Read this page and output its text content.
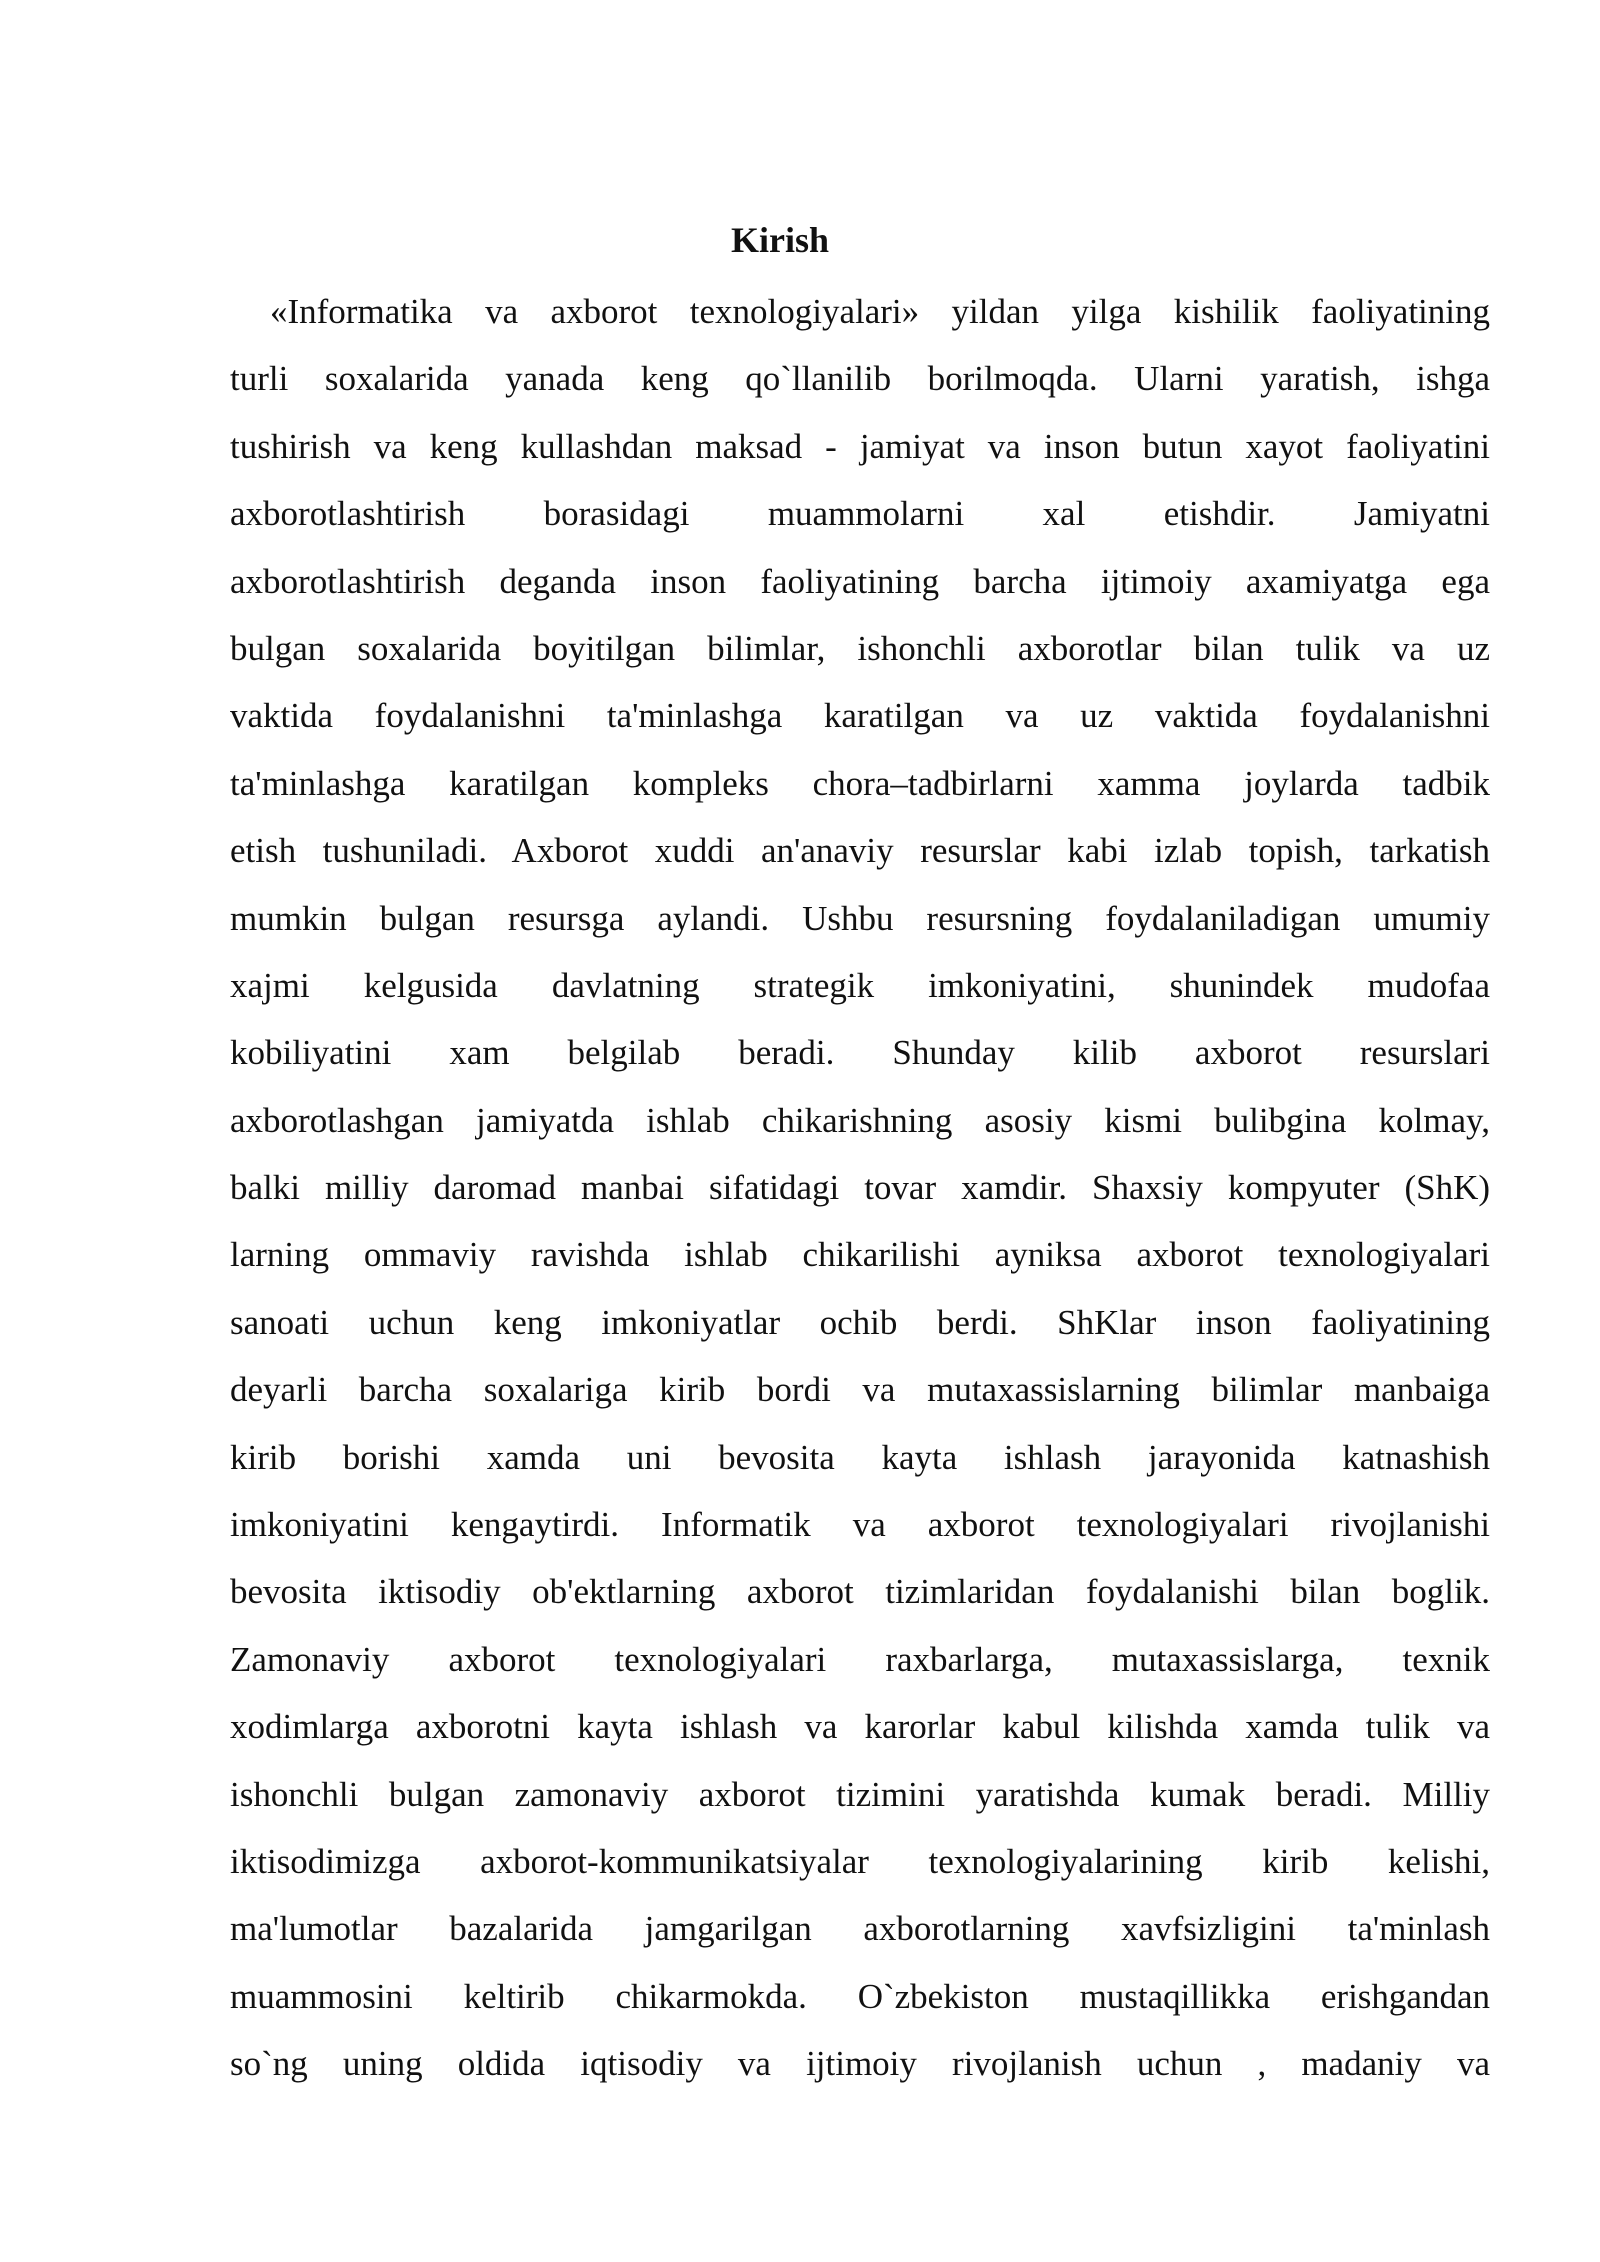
Kirish
«Informatika va axborot texnologiyalari» yildan yilga kishilik faoliyatining
turli soxalarida yanada keng qo`llanilib borilmoqda. Ularni yaratish, ishga
tushirish va keng kullashdan maksad - jamiyat va inson butun xayot faoliyatini
axborotlashtirish borasidagi muammolarni xal etishdir. Jamiyatni
axborotlashtirish deganda inson faoliyatining barcha ijtimoiy axamiyatga ega
bulgan soxalarida boyitilgan bilimlar, ishonchli axborotlar bilan tulik va uz
vaktida foydalanishni ta'minlashga karatilgan va uz vaktida foydalanishni
ta'minlashga karatilgan kompleks chora–tadbirlarni xamma joylarda tadbik
etish tushuniladi. Axborot xuddi an'anaviy resurslar kabi izlab topish, tarkatish
mumkin bulgan resursga aylandi. Ushbu resursning foydalaniladigan umumiy
xajmi kelgusida davlatning strategik imkoniyatini, shunindek mudofaa
kobiliyatini xam belgilab beradi. Shunday kilib axborot resurslari
axborotlashgan jamiyatda ishlab chikarishning asosiy kismi bulibgina kolmay,
balki milliy daromad manbai sifatidagi tovar xamdir. Shaxsiy kompyuter (ShK)
larning ommaviy ravishda ishlab chikarilishi ayniksa axborot texnologiyalari
sanoati uchun keng imkoniyatlar ochib berdi. ShKlar inson faoliyatining
deyarli barcha soxalariga kirib bordi va mutaxassislarning bilimlar manbaiga
kirib borishi xamda uni bevosita kayta ishlash jarayonida katnashish
imkoniyatini kengaytirdi. Informatik va axborot texnologiyalari rivojlanishi
bevosita iktisodiy ob'ektlarning axborot tizimlaridan foydalanishi bilan boglik.
Zamonaviy axborot texnologiyalari raxbarlarga, mutaxassislarga, texnik
xodimlarga axborotni kayta ishlash va karorlar kabul kilishda xamda tulik va
ishonchli bulgan zamonaviy axborot tizimini yaratishda kumak beradi. Milliy
iktisodimizga axborot-kommunikatsiyalar texnologiyalarining kirib kelishi,
ma'lumotlar bazalarida jamgarilgan axborotlarning xavfsizligini ta'minlash
muammosini keltirib chikarmokda. O`zbekiston mustaqillikka erishgandan
so`ng uning oldida iqtisodiy va ijtimoiy rivojlanish uchun , madaniy va
